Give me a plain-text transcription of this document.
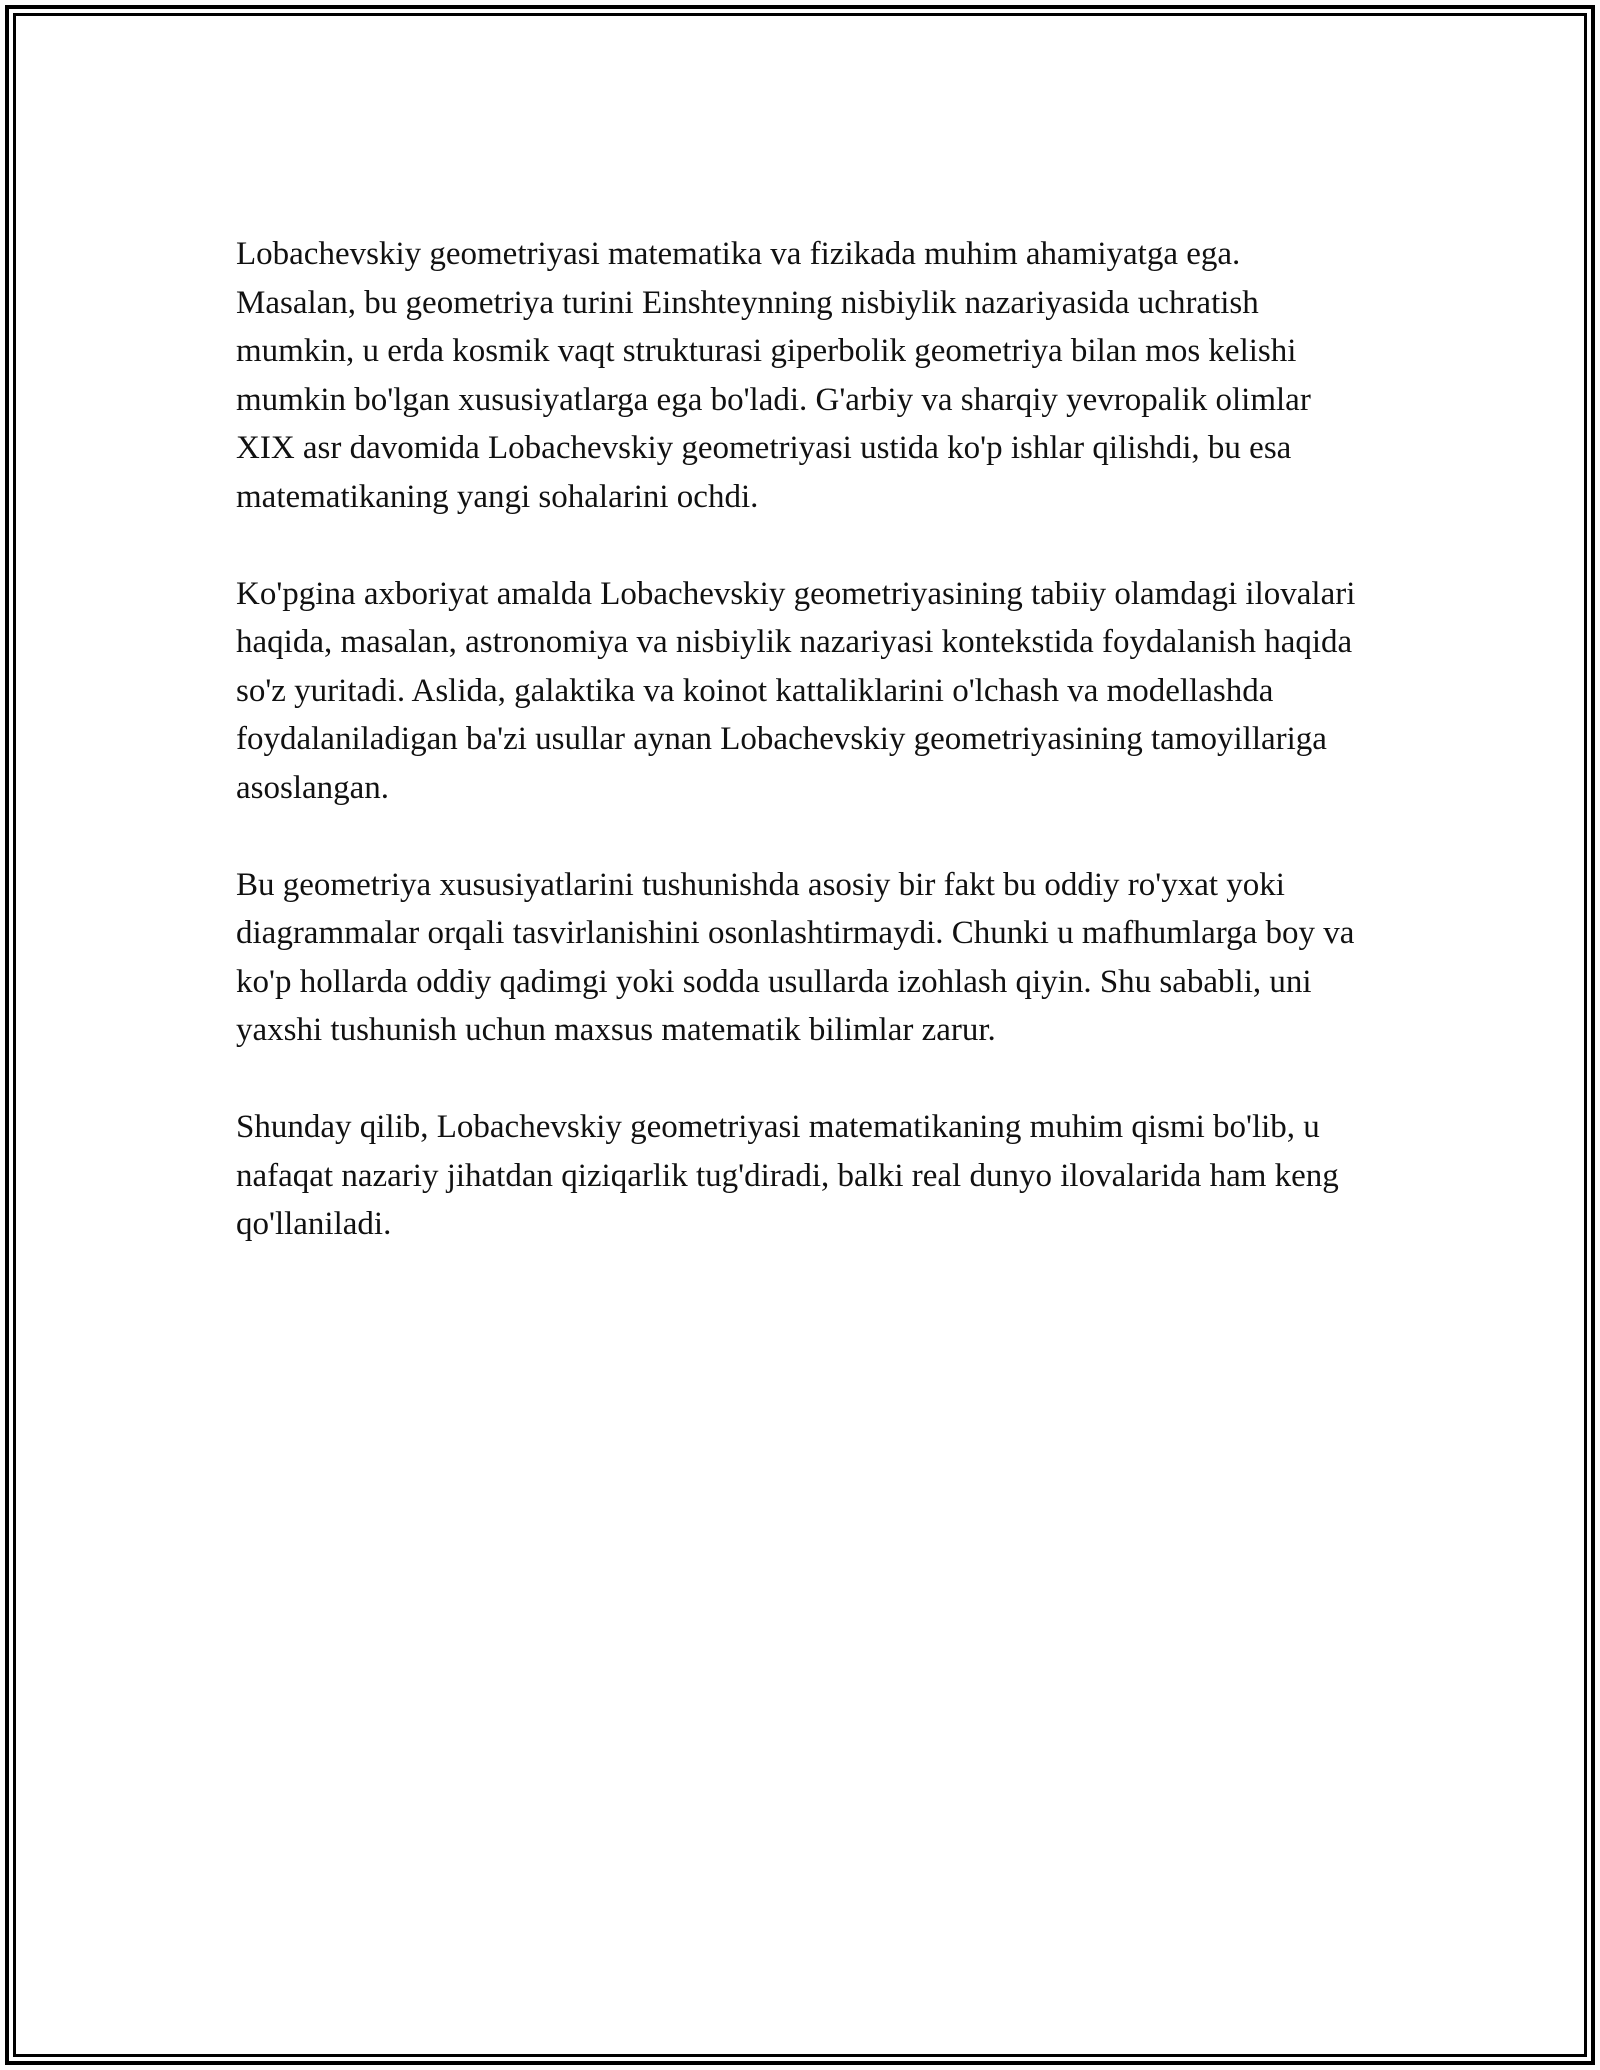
Lobachevskiy geometriyasi matematika va fizikada muhim ahamiyatga ega. Masalan, bu geometriya turini Einshteynning nisbiylik nazariyasida uchratish mumkin, u erda kosmik vaqt strukturasi giperbolik geometriya bilan mos kelishi mumkin bo'lgan xususiyatlarga ega bo'ladi. G'arbiy va sharqiy yevropalik olimlar XIX asr davomida Lobachevskiy geometriyasi ustida ko'p ishlar qilishdi, bu esa matematikaning yangi sohalarini ochdi.

Ko'pgina axboriyat amalda Lobachevskiy geometriyasining tabiiy olamdagi ilovalari haqida, masalan, astronomiya va nisbiylik nazariyasi kontekstida foydalanish haqida so'z yuritadi. Aslida, galaktika va koinot kattaliklarini o'lchash va modellashda foydalaniladigan ba'zi usullar aynan Lobachevskiy geometriyasining tamoyillariga asoslangan.

Bu geometriya xususiyatlarini tushunishda asosiy bir fakt bu oddiy ro'yxat yoki diagrammalar orqali tasvirlanishini osonlashtirmaydi. Chunki u mafhumlarga boy va ko'p hollarda oddiy qadimgi yoki sodda usullarda izohlash qiyin. Shu sababli, uni yaxshi tushunish uchun maxsus matematik bilimlar zarur.

Shunday qilib, Lobachevskiy geometriyasi matematikaning muhim qismi bo'lib, u nafaqat nazariy jihatdan qiziqarlik tug'diradi, balki real dunyo ilovalarida ham keng qo'llaniladi.
